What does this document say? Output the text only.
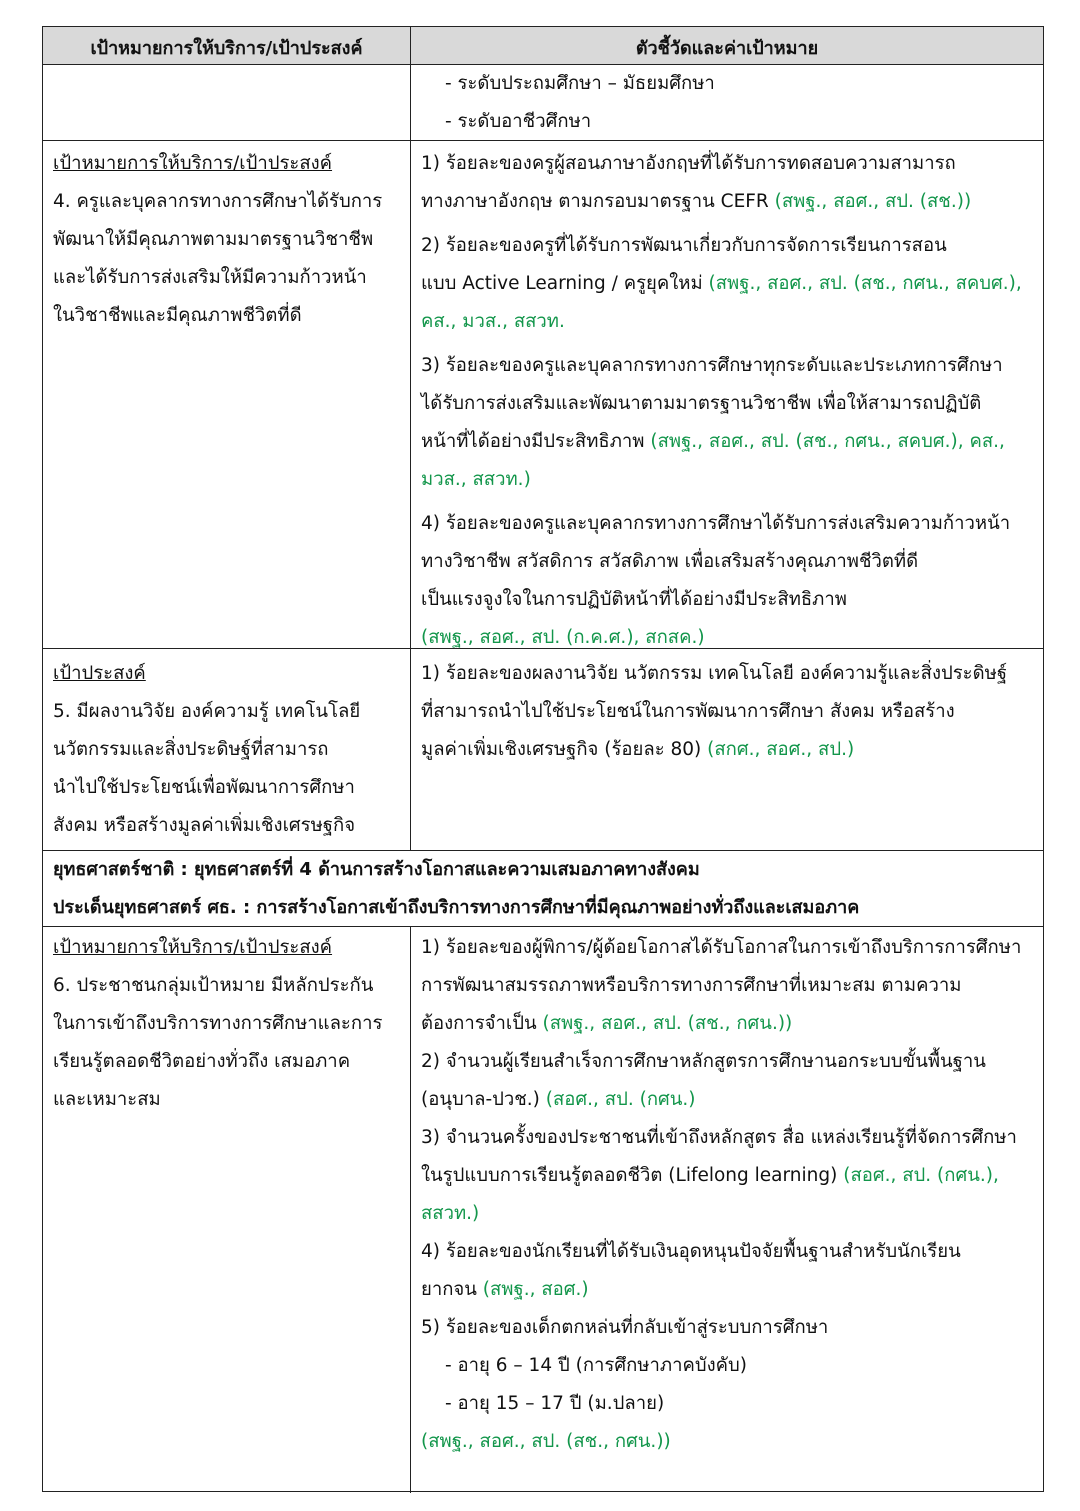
เป้าหมายการให้บริการ/เป้าประสงค์	ตัวชี้วัดและค่าเป้าหมาย

- ระดับประถมศึกษา – มัธยมศึกษา

- ระดับอาชีวศึกษา

เป้าหมายการให้บริการ/เป้าประสงค์

4. ครูและบุคลากรทางการศึกษาได้รับการ

พัฒนาให้มีคุณภาพตามมาตรฐานวิชาชีพ

และได้รับการส่งเสริมให้มีความก้าวหน้า

ในวิชาชีพและมีคุณภาพชีวิตที่ดี

1) ร้อยละของครูผู้สอนภาษาอังกฤษที่ได้รับการทดสอบความสามารถ

ทางภาษาอังกฤษ ตามกรอบมาตรฐาน CEFR (สพฐ., สอศ., สป. (สช.))

2) ร้อยละของครูที่ได้รับการพัฒนาเกี่ยวกับการจัดการเรียนการสอน

แบบ Active Learning / ครูยุคใหม่ (สพฐ., สอศ., สป. (สช., กศน., สคบศ.),

คส., มวส., สสวท.

3) ร้อยละของครูและบุคลากรทางการศึกษาทุกระดับและประเภทการศึกษา

ได้รับการส่งเสริมและพัฒนาตามมาตรฐานวิชาชีพ เพื่อให้สามารถปฏิบัติ

หน้าที่ได้อย่างมีประสิทธิภาพ (สพฐ., สอศ., สป. (สช., กศน., สคบศ.), คส.,

มวส., สสวท.)

4) ร้อยละของครูและบุคลากรทางการศึกษาได้รับการส่งเสริมความก้าวหน้า

ทางวิชาชีพ สวัสดิการ สวัสดิภาพ เพื่อเสริมสร้างคุณภาพชีวิตที่ดี

เป็นแรงจูงใจในการปฏิบัติหน้าที่ได้อย่างมีประสิทธิภาพ

(สพฐ., สอศ., สป. (ก.ค.ศ.), สกสค.)

เป้าประสงค์

5. มีผลงานวิจัย องค์ความรู้ เทคโนโลยี

นวัตกรรมและสิ่งประดิษฐ์ที่สามารถ

นำไปใช้ประโยชน์เพื่อพัฒนาการศึกษา

สังคม หรือสร้างมูลค่าเพิ่มเชิงเศรษฐกิจ

1) ร้อยละของผลงานวิจัย นวัตกรรม เทคโนโลยี องค์ความรู้และสิ่งประดิษฐ์

ที่สามารถนำไปใช้ประโยชน์ในการพัฒนาการศึกษา สังคม หรือสร้าง

มูลค่าเพิ่มเชิงเศรษฐกิจ (ร้อยละ 80) (สกศ., สอศ., สป.)

ยุทธศาสตร์ชาติ : ยุทธศาสตร์ที่ 4 ด้านการสร้างโอกาสและความเสมอภาคทางสังคม

ประเด็นยุทธศาสตร์ ศธ. : การสร้างโอกาสเข้าถึงบริการทางการศึกษาที่มีคุณภาพอย่างทั่วถึงและเสมอภาค

เป้าหมายการให้บริการ/เป้าประสงค์

6. ประชาชนกลุ่มเป้าหมาย มีหลักประกัน

ในการเข้าถึงบริการทางการศึกษาและการ

เรียนรู้ตลอดชีวิตอย่างทั่วถึง เสมอภาค

และเหมาะสม

1) ร้อยละของผู้พิการ/ผู้ด้อยโอกาสได้รับโอกาสในการเข้าถึงบริการการศึกษา

การพัฒนาสมรรถภาพหรือบริการทางการศึกษาที่เหมาะสม ตามความ

ต้องการจำเป็น (สพฐ., สอศ., สป. (สช., กศน.))

2) จำนวนผู้เรียนสำเร็จการศึกษาหลักสูตรการศึกษานอกระบบขั้นพื้นฐาน

(อนุบาล-ปวช.) (สอศ., สป. (กศน.)

3) จำนวนครั้งของประชาชนที่เข้าถึงหลักสูตร สื่อ แหล่งเรียนรู้ที่จัดการศึกษา

ในรูปแบบการเรียนรู้ตลอดชีวิต (Lifelong learning) (สอศ., สป. (กศน.),

สสวท.)

4) ร้อยละของนักเรียนที่ได้รับเงินอุดหนุนปัจจัยพื้นฐานสำหรับนักเรียน

ยากจน (สพฐ., สอศ.)

5) ร้อยละของเด็กตกหล่นที่กลับเข้าสู่ระบบการศึกษา

- อายุ 6 – 14 ปี (การศึกษาภาคบังคับ)

- อายุ 15 – 17 ปี (ม.ปลาย)

(สพฐ., สอศ., สป. (สช., กศน.))
